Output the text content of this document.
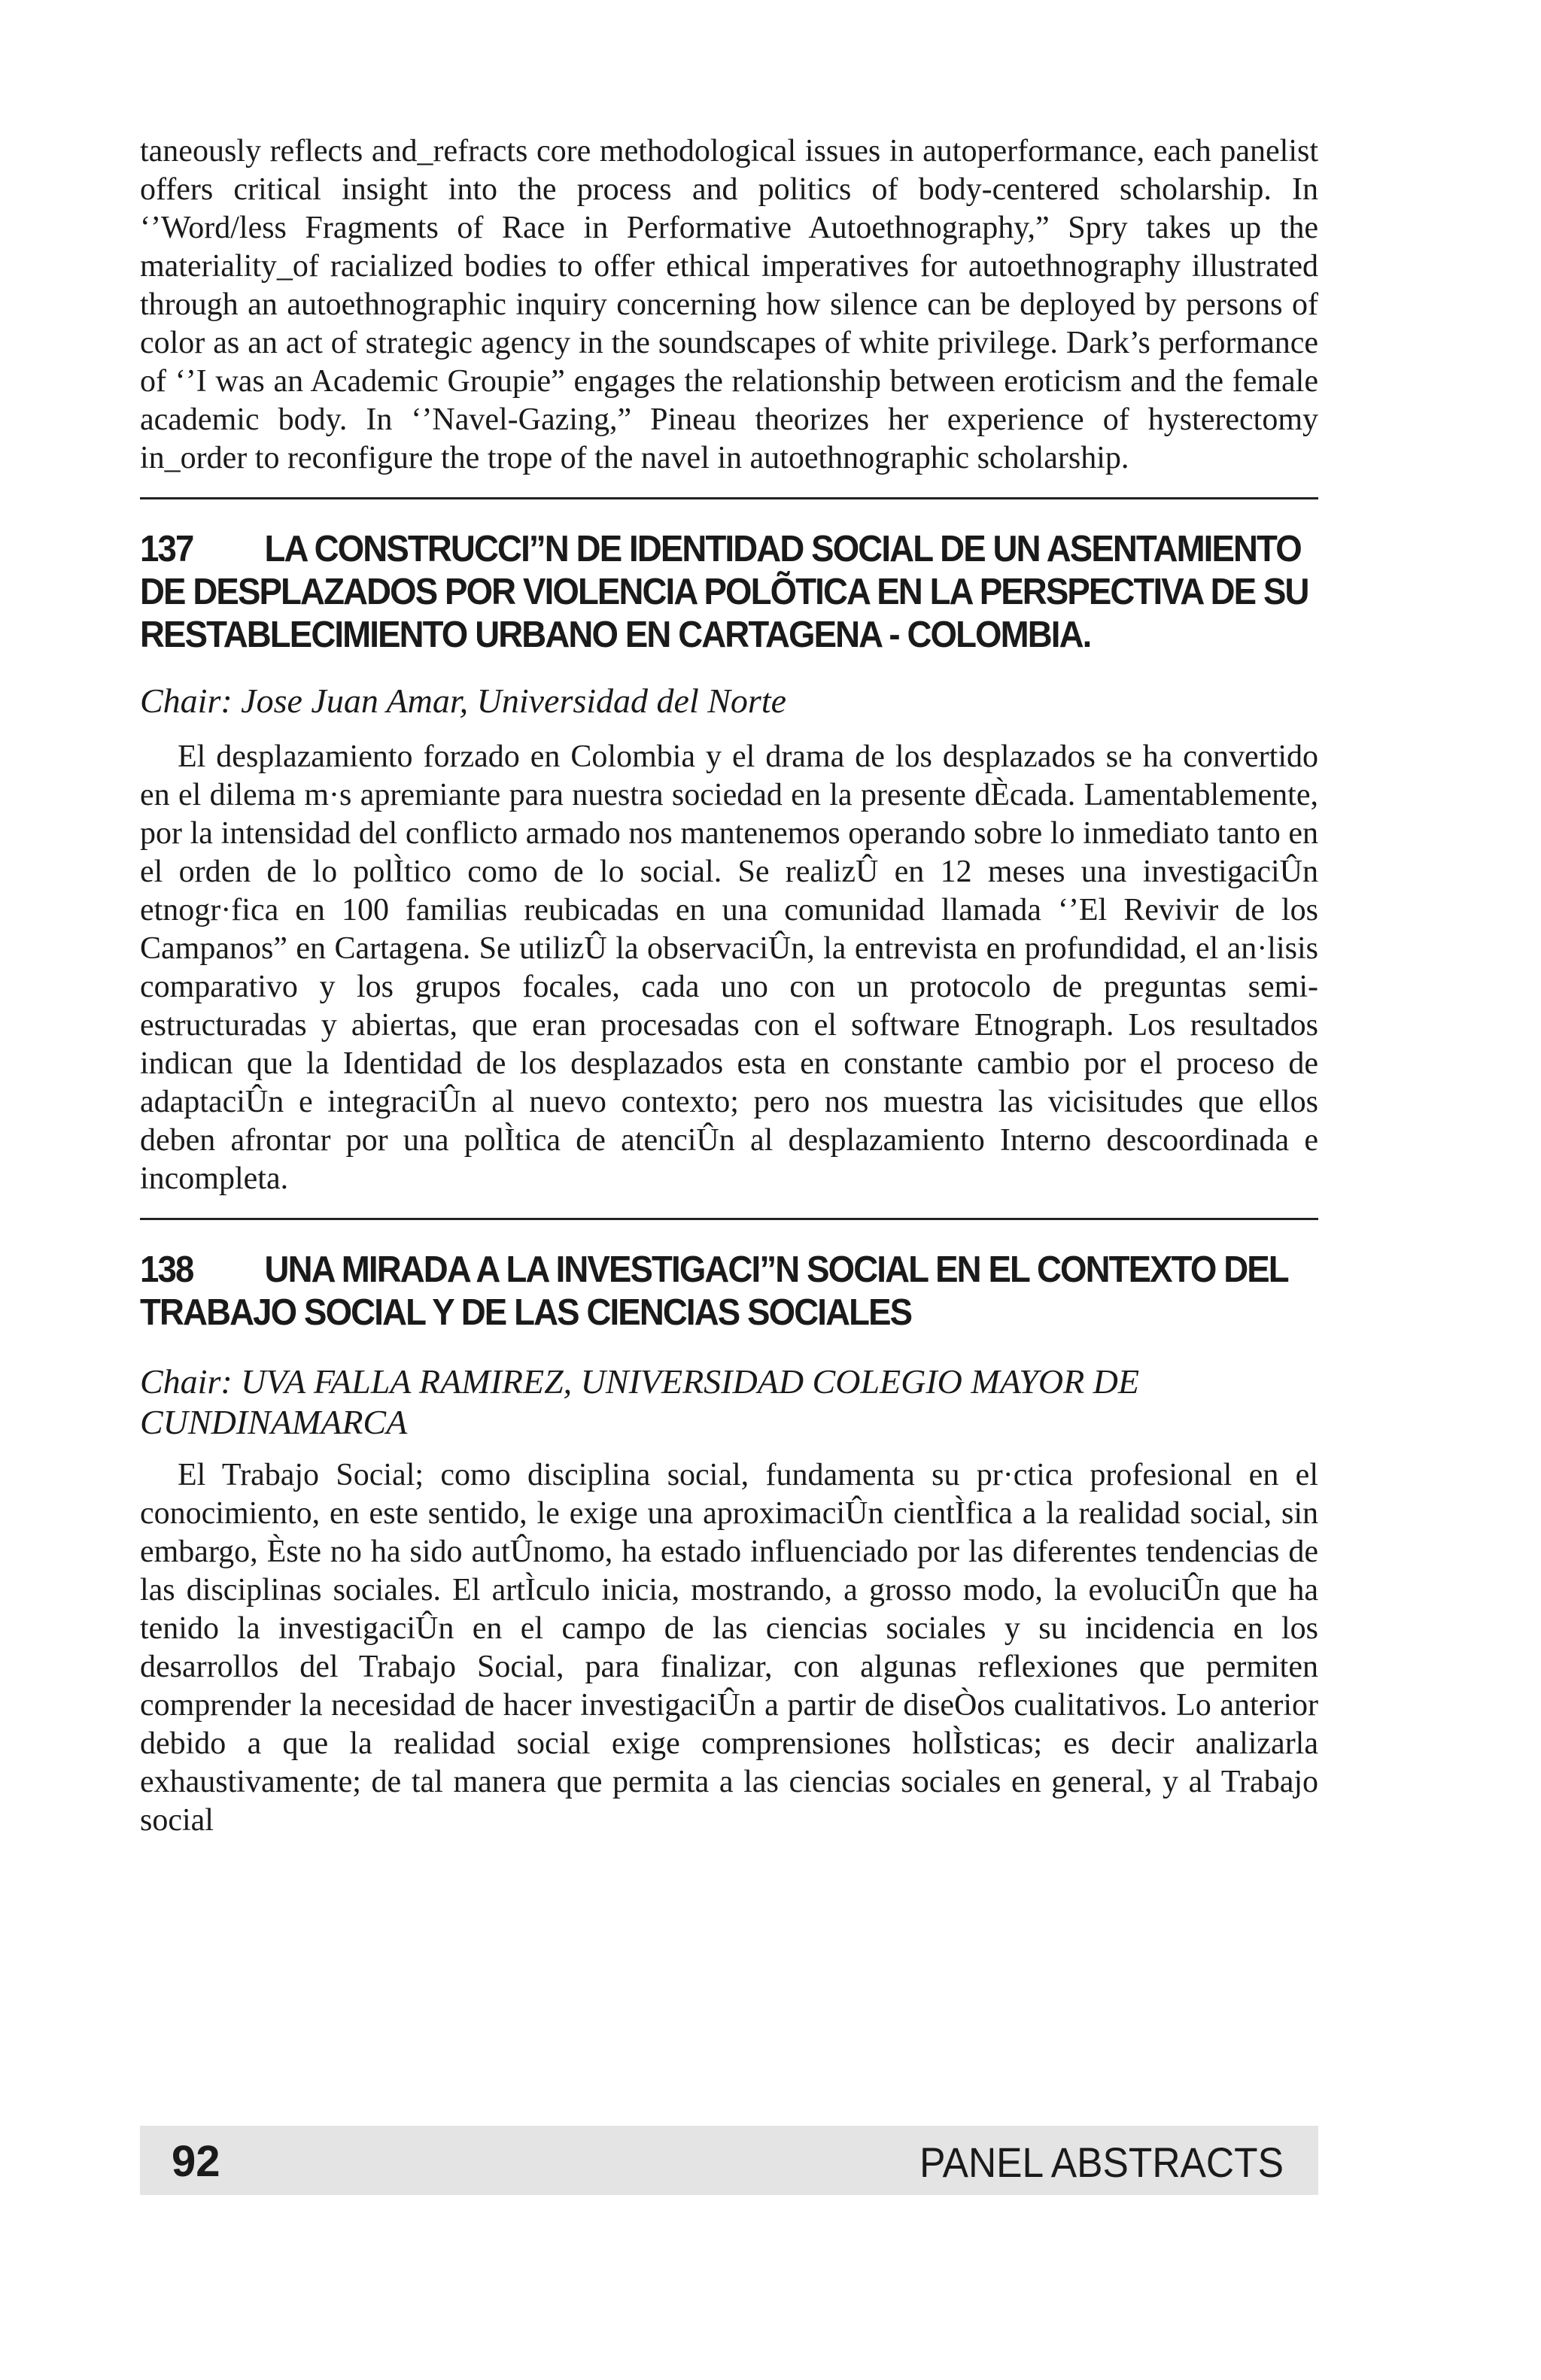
taneously reflects and_refracts core methodological issues in autoperformance, each panelist offers critical insight into the process and politics of body-centered scholarship. In ‘’Word/less Fragments of Race in Performative Autoethnography,” Spry takes up the materiality_of racialized bodies to offer ethical imperatives for autoethnography illustrated through an autoethnographic inquiry concerning how silence can be deployed by persons of color as an act of strategic agency in the soundscapes of white privilege. Dark’s performance of ‘’I was an Academic Groupie” engages the relationship between eroticism and the female academic body. In ‘’Navel-Gazing,” Pineau theorizes her experience of hysterectomy in_order to reconfigure the trope of the navel in autoethnographic scholarship.

137 LA CONSTRUCCI”N DE IDENTIDAD SOCIAL DE UN ASENTAMIENTO DE DESPLAZADOS POR VIOLENCIA POLÕTICA EN LA PERSPECTIVA DE SU RESTABLECIMIENTO URBANO EN CARTAGENA - COLOMBIA.

Chair: Jose Juan Amar, Universidad del Norte

El desplazamiento forzado en Colombia y el drama de los desplazados se ha convertido en el dilema m·s apremiante para nuestra sociedad en la presente dÈcada. Lamentablemente, por la intensidad del conflicto armado nos mantenemos operando sobre lo inmediato tanto en el orden de lo polÌtico como de lo social. Se realizÛ en 12 meses una investigaciÛn etnogr·fica en 100 familias reubicadas en una comunidad llamada ‘’El Revivir de los Campanos” en Cartagena. Se utilizÛ la observaciÛn, la entrevista en profundidad, el an·lisis comparativo y los grupos focales, cada uno con un protocolo de preguntas semi-estructuradas y abiertas, que eran procesadas con el software Etnograph. Los resultados indican que la Identidad de los desplazados esta en constante cambio por el proceso de adaptaciÛn e integraciÛn al nuevo contexto; pero nos muestra las vicisitudes que ellos deben afrontar por una polÌtica de atenciÛn al desplazamiento Interno descoordinada e incompleta.

138 UNA MIRADA A LA INVESTIGACI”N SOCIAL EN EL CONTEXTO DEL TRABAJO SOCIAL Y DE LAS CIENCIAS SOCIALES

Chair: UVA FALLA RAMIREZ, UNIVERSIDAD COLEGIO MAYOR DE CUNDINAMARCA

El Trabajo Social; como disciplina social, fundamenta su pr·ctica profesional en el conocimiento, en este sentido, le exige una aproximaciÛn cientÌfica a la realidad social, sin embargo, Èste no ha sido autÛnomo, ha estado influenciado por las diferentes tendencias de las disciplinas sociales. El artÌculo inicia, mostrando, a grosso modo, la evoluciÛn que ha tenido la investigaciÛn en el campo de las ciencias sociales y su incidencia en los desarrollos del Trabajo Social, para finalizar, con algunas reflexiones que permiten comprender la necesidad de hacer investigaciÛn a partir de diseÒos cualitativos. Lo anterior debido a que la realidad social exige comprensiones holÌsticas; es decir analizarla exhaustivamente; de tal manera que permita a las ciencias sociales en general, y al Trabajo social

92	PANEL ABSTRACTS
